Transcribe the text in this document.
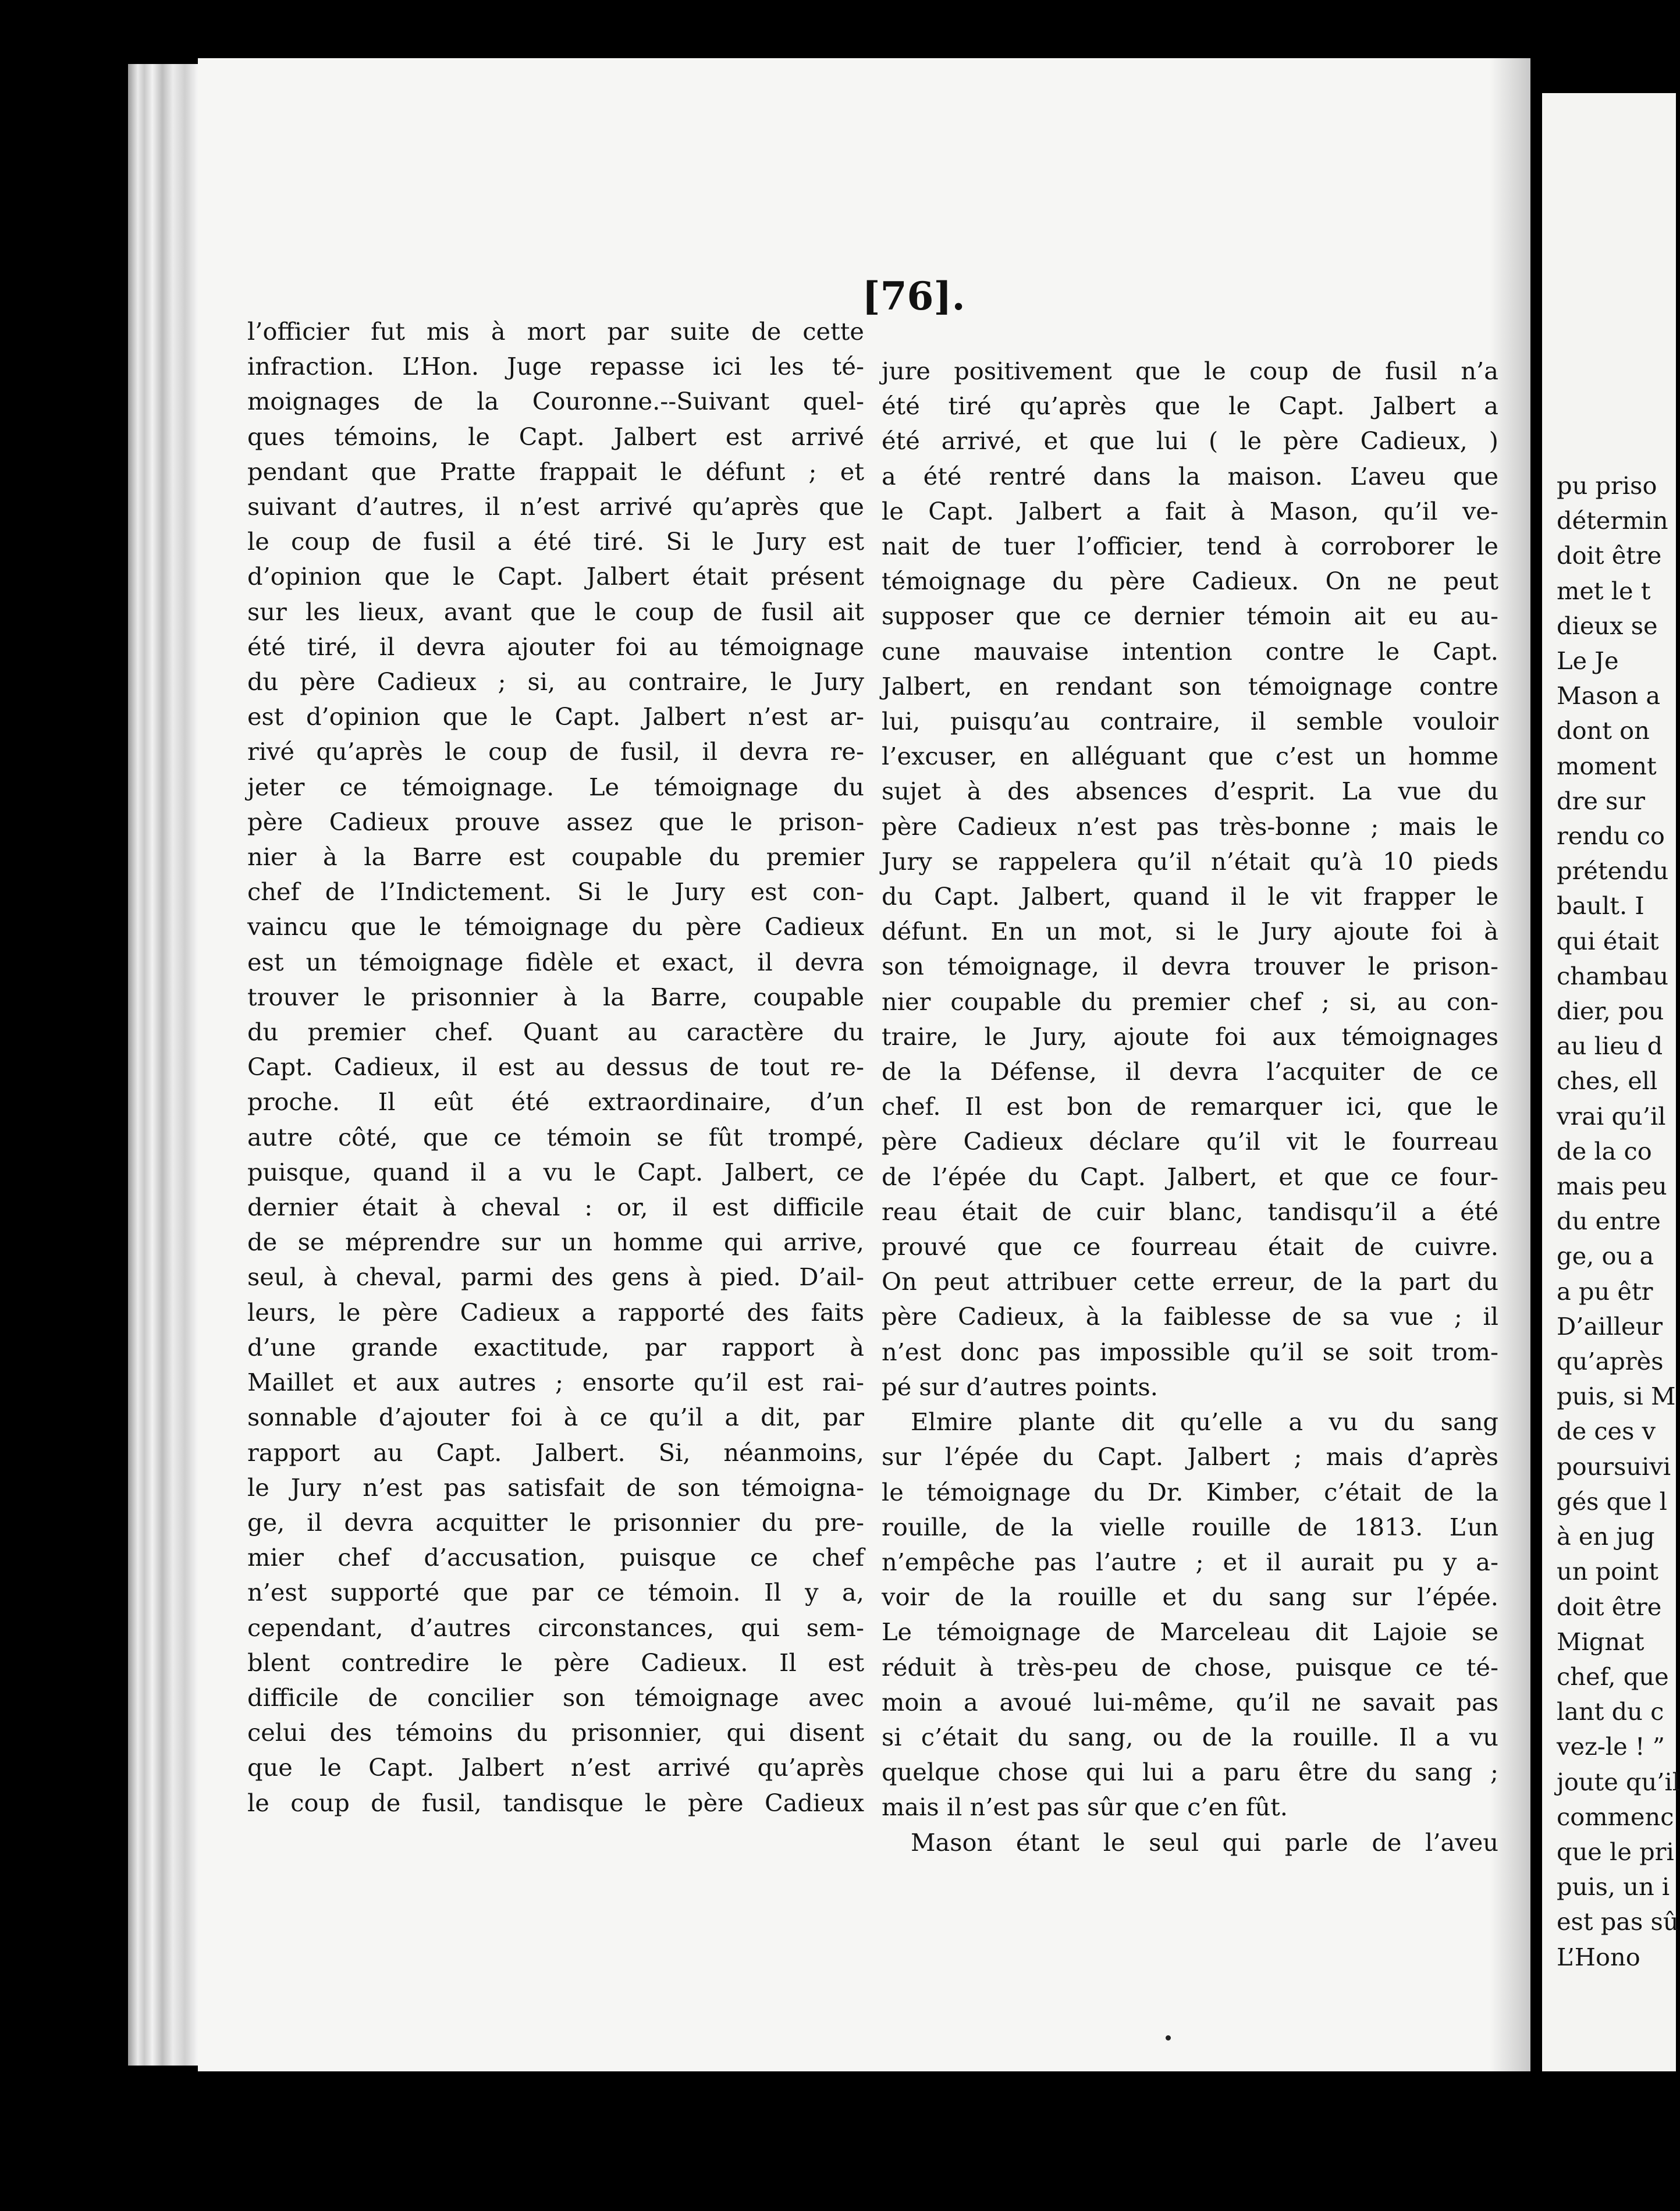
pu priso
détermin
doit être
met le t
dieux se
Le Je
Mason a
dont on
moment
dre sur
rendu co
prétendu
bault. I
qui était
chambau
dier, pou
au lieu d
ches, ell
vrai qu’il
de la co
mais peu
du entre
ge, ou a
a pu êtr
D’ailleur
qu’après
puis, si M
de ces v
poursuivi
gés que l
à en jug
un point
doit être
Mignat
chef, que
lant du c
vez-le ! ”
joute qu’il
commenc
que le pri
puis, un i
est pas sû
L’Hono
[76].
l’officier fut mis à mort par suite de cette
infraction. L’Hon. Juge repasse ici les té-
moignages de la Couronne.--Suivant quel-
ques témoins, le Capt. Jalbert est arrivé
pendant que Pratte frappait le défunt ; et
suivant d’autres, il n’est arrivé qu’après que
le coup de fusil a été tiré. Si le Jury est
d’opinion que le Capt. Jalbert était présent
sur les lieux, avant que le coup de fusil ait
été tiré, il devra ajouter foi au témoignage
du père Cadieux ; si, au contraire, le Jury
est d’opinion que le Capt. Jalbert n’est ar-
rivé qu’après le coup de fusil, il devra re-
jeter ce témoignage. Le témoignage du
père Cadieux prouve assez que le prison-
nier à la Barre est coupable du premier
chef de l’Indictement. Si le Jury est con-
vaincu que le témoignage du père Cadieux
est un témoignage fidèle et exact, il devra
trouver le prisonnier à la Barre, coupable
du premier chef. Quant au caractère du
Capt. Cadieux, il est au dessus de tout re-
proche. Il eût été extraordinaire, d’un
autre côté, que ce témoin se fût trompé,
puisque, quand il a vu le Capt. Jalbert, ce
dernier était à cheval : or, il est difficile
de se méprendre sur un homme qui arrive,
seul, à cheval, parmi des gens à pied. D’ail-
leurs, le père Cadieux a rapporté des faits
d’une grande exactitude, par rapport à
Maillet et aux autres ; ensorte qu’il est rai-
sonnable d’ajouter foi à ce qu’il a dit, par
rapport au Capt. Jalbert. Si, néanmoins,
le Jury n’est pas satisfait de son témoigna-
ge, il devra acquitter le prisonnier du pre-
mier chef d’accusation, puisque ce chef
n’est supporté que par ce témoin. Il y a,
cependant, d’autres circonstances, qui sem-
blent contredire le père Cadieux. Il est
difficile de concilier son témoignage avec
celui des témoins du prisonnier, qui disent
que le Capt. Jalbert n’est arrivé qu’après
le coup de fusil, tandisque le père Cadieux
jure positivement que le coup de fusil n’a
été tiré qu’après que le Capt. Jalbert a
été arrivé, et que lui ( le père Cadieux, )
a été rentré dans la maison. L’aveu que
le Capt. Jalbert a fait à Mason, qu’il ve-
nait de tuer l’officier, tend à corroborer le
témoignage du père Cadieux. On ne peut
supposer que ce dernier témoin ait eu au-
cune mauvaise intention contre le Capt.
Jalbert, en rendant son témoignage contre
lui, puisqu’au contraire, il semble vouloir
l’excuser, en alléguant que c’est un homme
sujet à des absences d’esprit. La vue du
père Cadieux n’est pas très-bonne ; mais le
Jury se rappelera qu’il n’était qu’à 10 pieds
du Capt. Jalbert, quand il le vit frapper le
défunt. En un mot, si le Jury ajoute foi à
son témoignage, il devra trouver le prison-
nier coupable du premier chef ; si, au con-
traire, le Jury, ajoute foi aux témoignages
de la Défense, il devra l’acquiter de ce
chef. Il est bon de remarquer ici, que le
père Cadieux déclare qu’il vit le fourreau
de l’épée du Capt. Jalbert, et que ce four-
reau était de cuir blanc, tandisqu’il a été
prouvé que ce fourreau était de cuivre.
On peut attribuer cette erreur, de la part du
père Cadieux, à la faiblesse de sa vue ; il
n’est donc pas impossible qu’il se soit trom-
pé sur d’autres points.
Elmire plante dit qu’elle a vu du sang
sur l’épée du Capt. Jalbert ; mais d’après
le témoignage du Dr. Kimber, c’était de la
rouille, de la vielle rouille de 1813. L’un
n’empêche pas l’autre ; et il aurait pu y a-
voir de la rouille et du sang sur l’épée.
Le témoignage de Marceleau dit Lajoie se
réduit à très-peu de chose, puisque ce té-
moin a avoué lui-même, qu’il ne savait pas
si c’était du sang, ou de la rouille. Il a vu
quelque chose qui lui a paru être du sang ;
mais il n’est pas sûr que c’en fût.
Mason étant le seul qui parle de l’aveu
